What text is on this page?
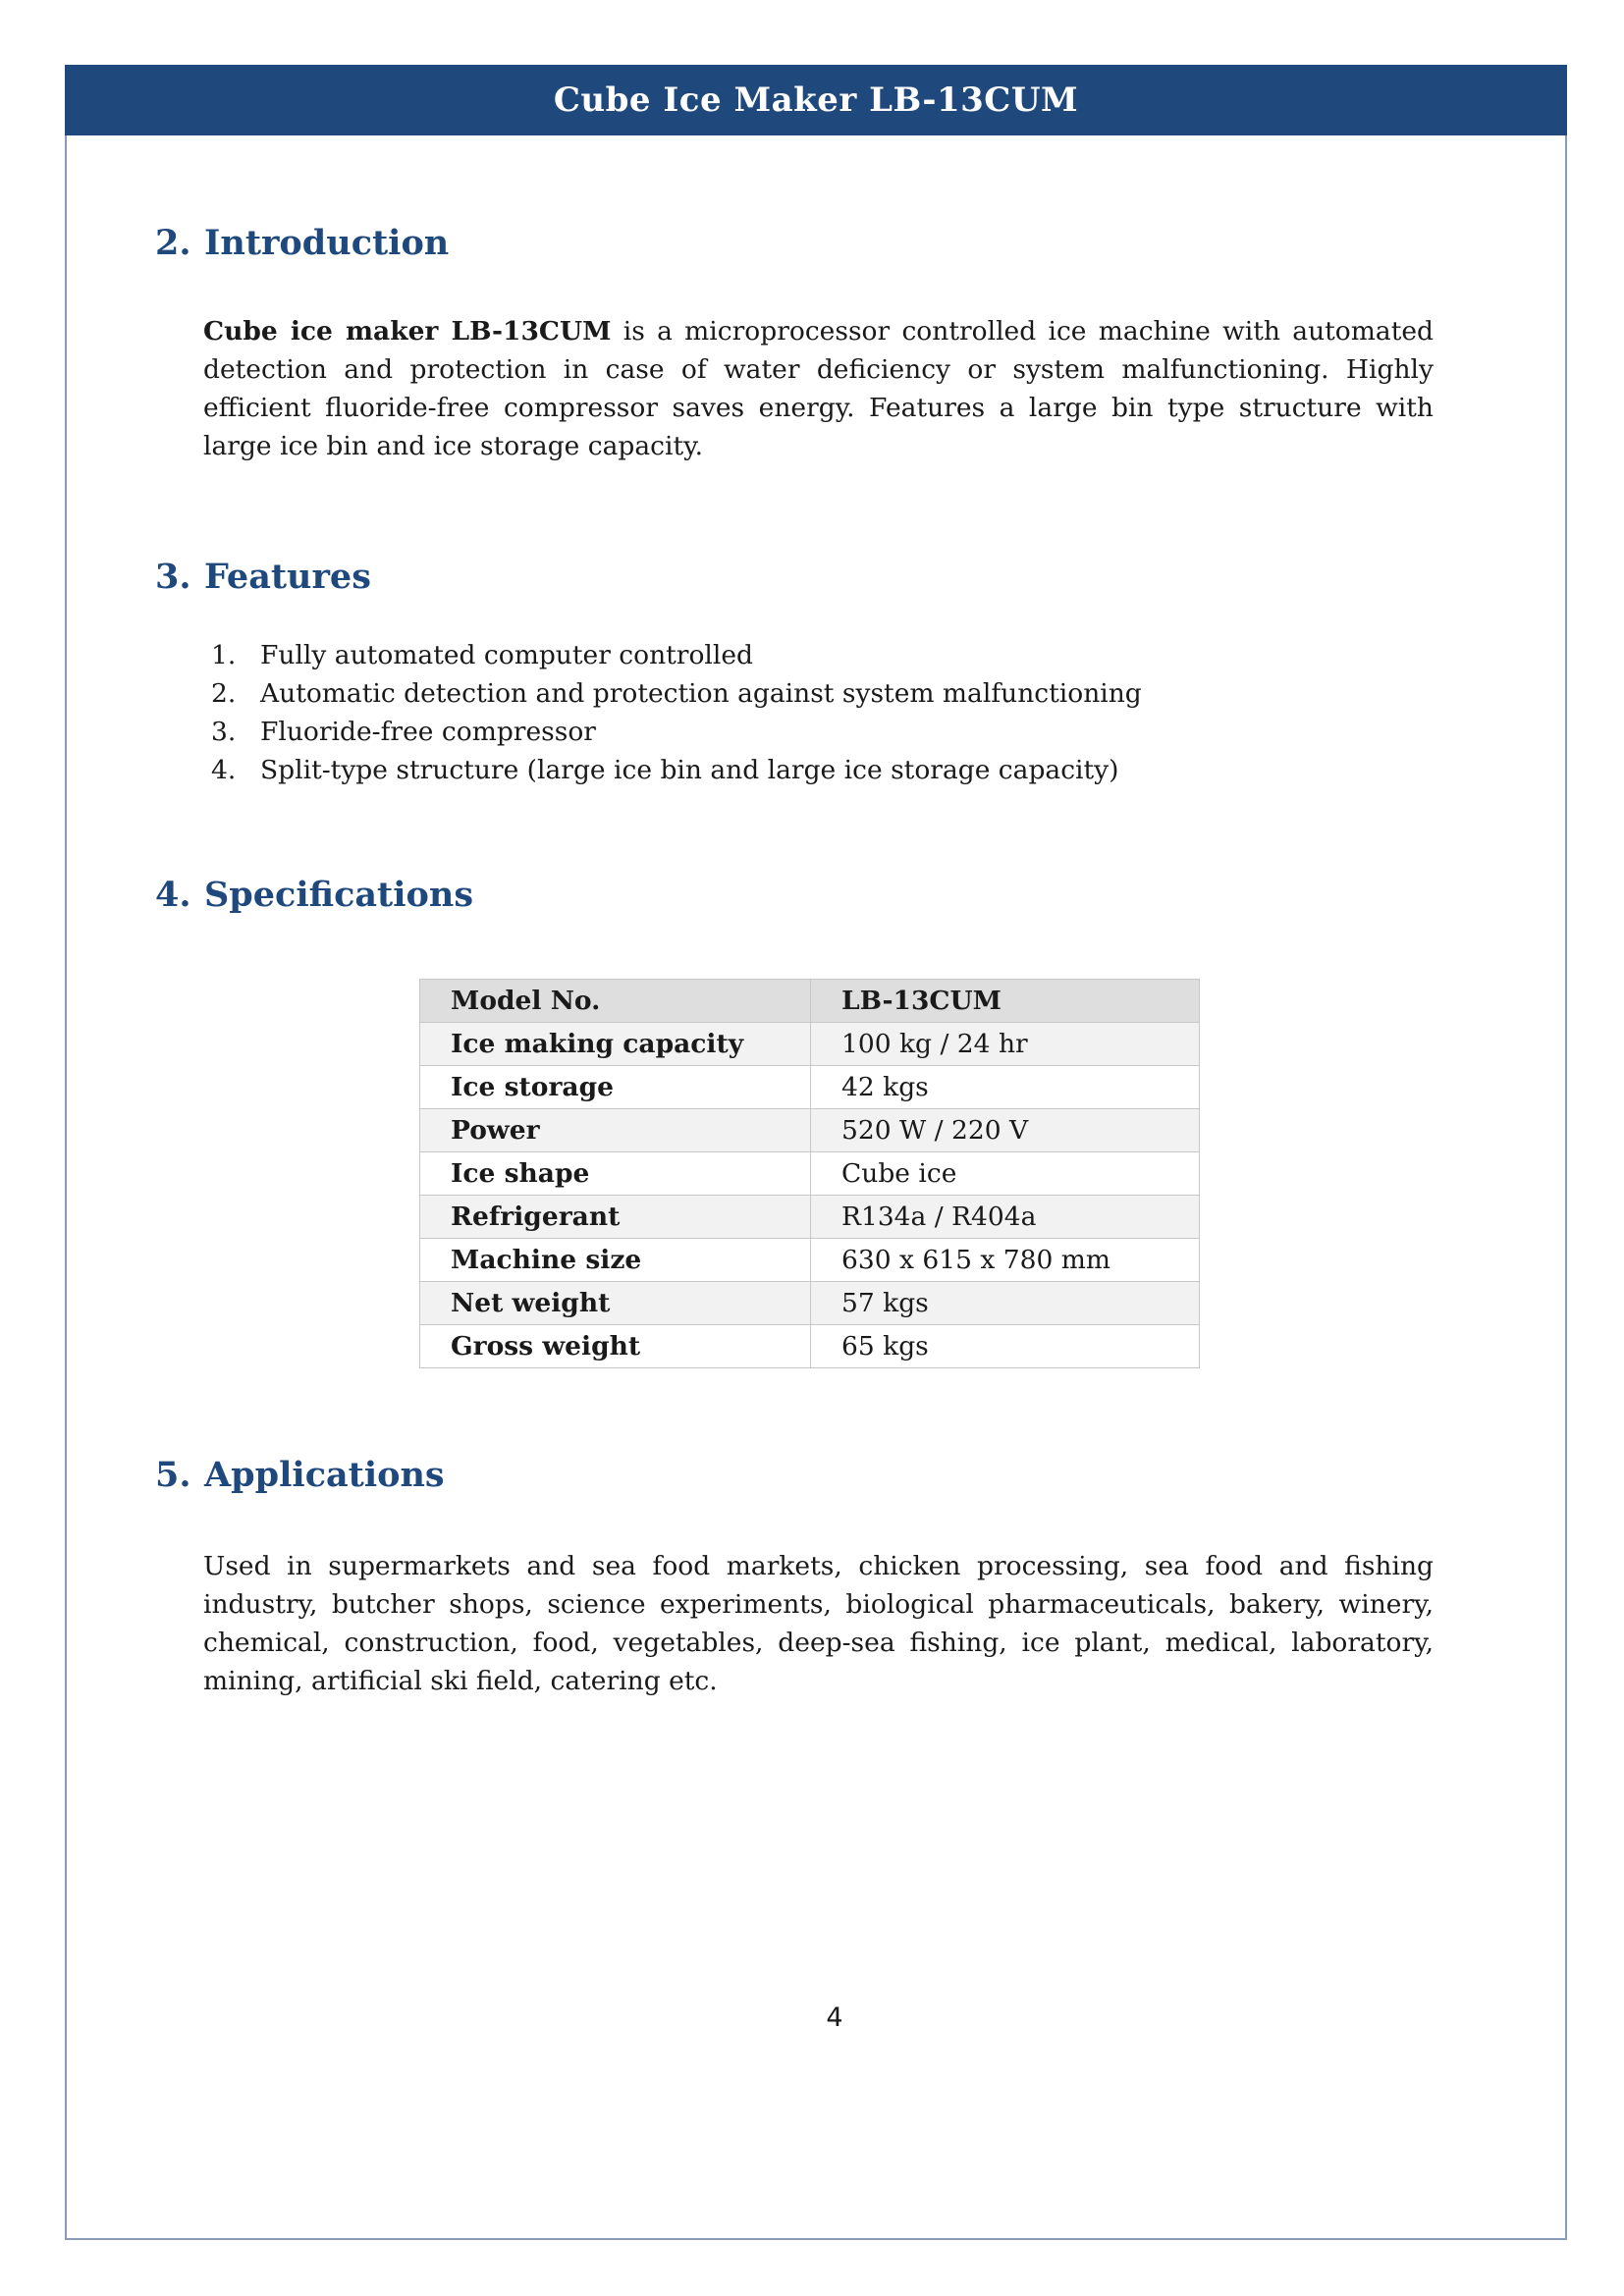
Cube Ice Maker LB-13CUM
2. Introduction

Cube ice maker LB-13CUM is a microprocessor controlled ice machine with automated detection and protection in case of water deficiency or system malfunctioning. Highly efficient fluoride-free compressor saves energy. Features a large bin type structure with large ice bin and ice storage capacity.

3. Features
1. Fully automated computer controlled
2. Automatic detection and protection against system malfunctioning
3. Fluoride-free compressor
4. Split-type structure (large ice bin and large ice storage capacity)
4. Specifications
Model No.	LB-13CUM
Ice making capacity	100 kg / 24 hr
Ice storage	42 kgs
Power	520 W / 220 V
Ice shape	Cube ice
Refrigerant	R134a / R404a
Machine size	630 x 615 x 780 mm
Net weight	57 kgs
Gross weight	65 kgs
5. Applications

Used in supermarkets and sea food markets, chicken processing, sea food and fishing industry, butcher shops, science experiments, biological pharmaceuticals, bakery, winery, chemical, construction, food, vegetables, deep-sea fishing, ice plant, medical, laboratory, mining, artificial ski field, catering etc.

4
